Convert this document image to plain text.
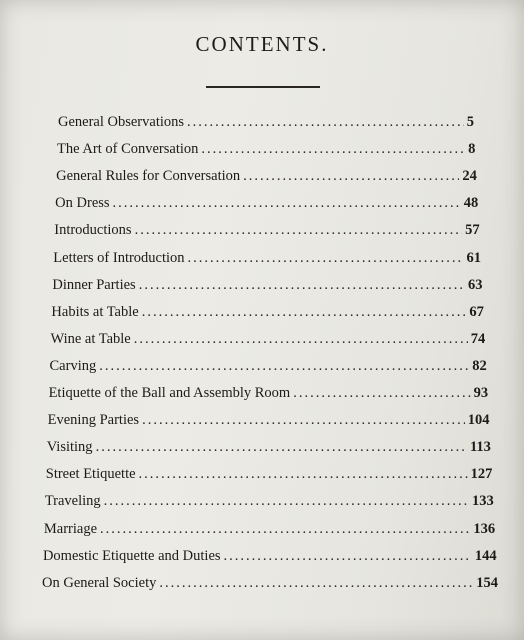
CONTENTS.
General Observations .....	5
The Art of Conversation .....	8
General Rules for Conversation .....	24
On Dress .....	48
Introductions .....	57
Letters of Introduction .....	61
Dinner Parties .....	63
Habits at Table .....	67
Wine at Table .....	74
Carving .....	82
Etiquette of the Ball and Assembly Room .....	93
Evening Parties .....	104
Visiting .....	113
Street Etiquette .....	127
Traveling .....	133
Marriage .....	136
Domestic Etiquette and Duties .....	144
On General Society .....	154
